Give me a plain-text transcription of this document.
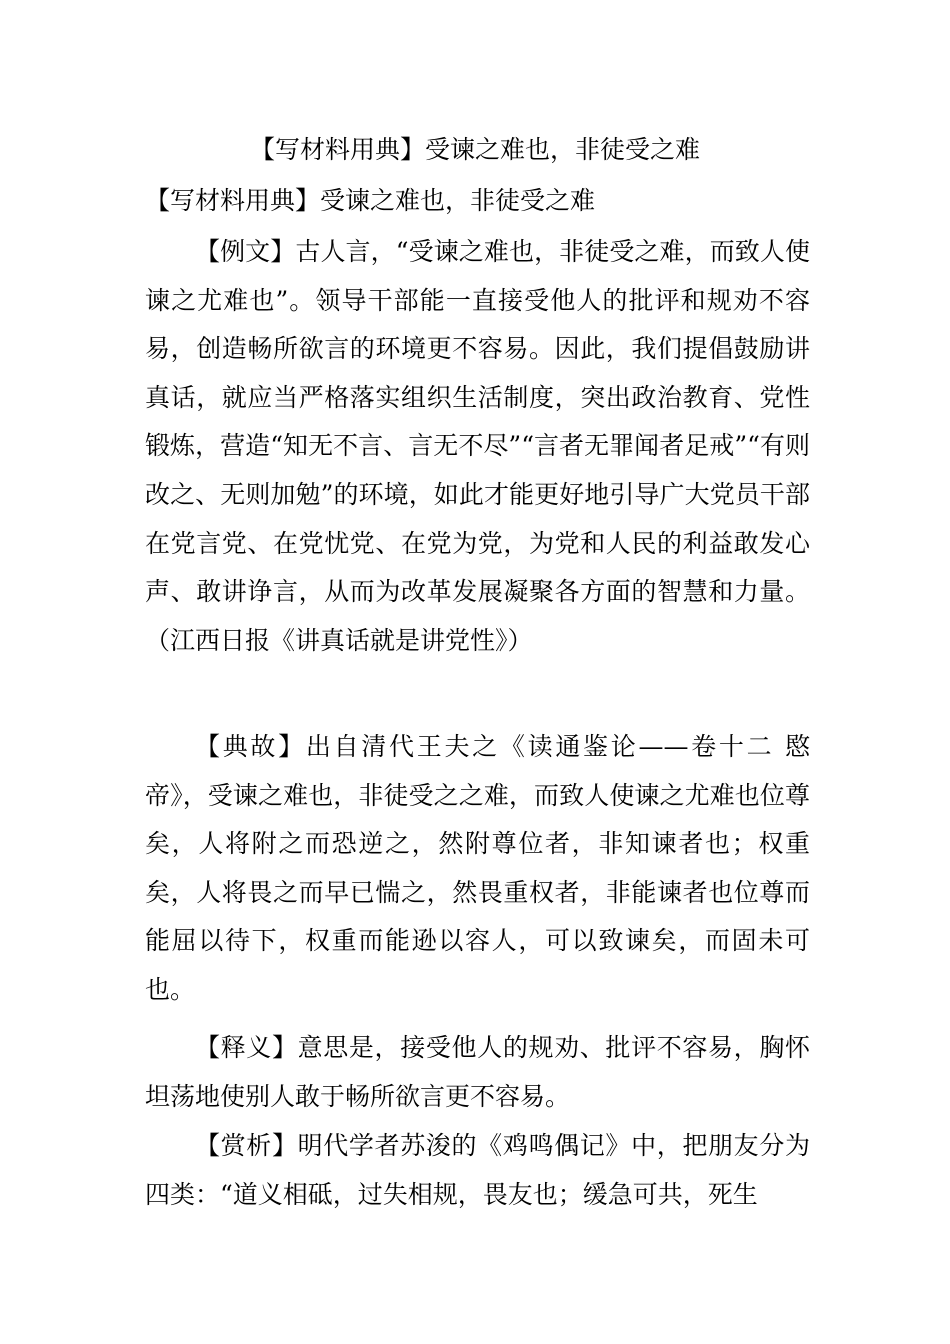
【写材料用典】受谏之难也，非徒受之难
【写材料用典】受谏之难也，非徒受之难
【例文】古人言，“受谏之难也，非徒受之难，而致人使谏之尤难也”。领导干部能一直接受他人的批评和规劝不容易，创造畅所欲言的环境更不容易。因此，我们提倡鼓励讲真话，就应当严格落实组织生活制度，突出政治教育、党性锻炼，营造“知无不言、言无不尽”“言者无罪闻者足戒”“有则改之、无则加勉”的环境，如此才能更好地引导广大党员干部在党言党、在党忧党、在党为党，为党和人民的利益敢发心声、敢讲诤言，从而为改革发展凝聚各方面的智慧和力量。（江西日报《讲真话就是讲党性》）
【典故】出自清代王夫之《读通鉴论——卷十二 愍帝》，受谏之难也，非徒受之之难，而致人使谏之尤难也位尊矣，人将附之而恐逆之，然附尊位者，非知谏者也；权重矣，人将畏之而早已惴之，然畏重权者，非能谏者也位尊而能屈以待下，权重而能逊以容人，可以致谏矣，而固未可也。
【释义】意思是，接受他人的规劝、批评不容易，胸怀坦荡地使别人敢于畅所欲言更不容易。
【赏析】明代学者苏浚的《鸡鸣偶记》中，把朋友分为四类：“道义相砥，过失相规，畏友也；缓急可共，死生
